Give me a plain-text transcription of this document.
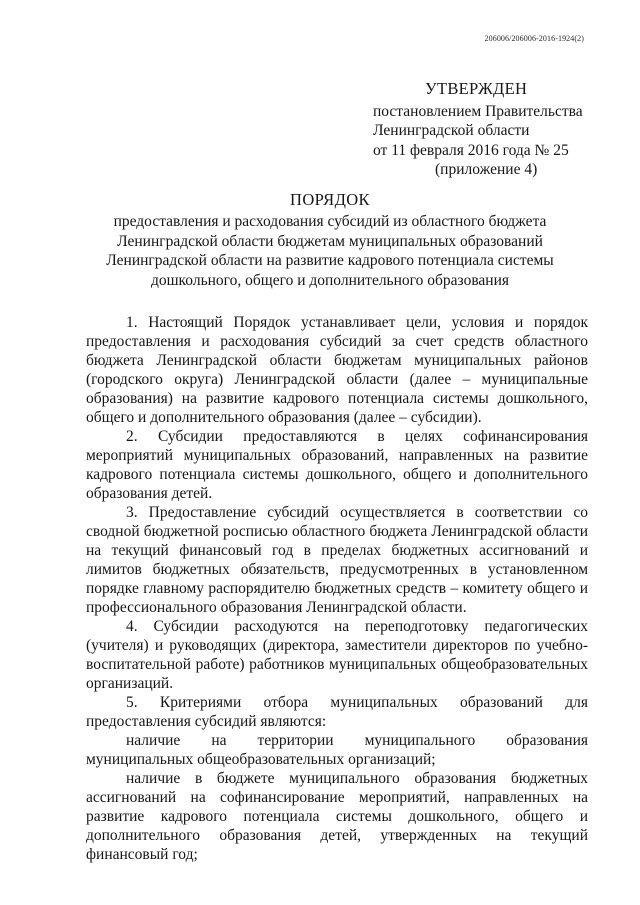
206006/206006-2016-1924(2)
УТВЕРЖДЕН
постановлением Правительства
Ленинградской области
от 11 февраля 2016 года № 25
(приложение 4)
ПОРЯДОК
предоставления и расходования субсидий из областного бюджета
Ленинградской области бюджетам муниципальных образований
Ленинградской области на развитие кадрового потенциала системы
дошкольного, общего и дополнительного образования

1. Настоящий Порядок устанавливает цели, условия и порядок предоставления и расходования субсидий за счет средств областного бюджета Ленинградской области бюджетам муниципальных районов (городского округа) Ленинградской области (далее – муниципальные образования) на развитие кадрового потенциала системы дошкольного, общего и дополнительного образования (далее – субсидии).

2. Субсидии предоставляются в целях софинансирования мероприятий муниципальных образований, направленных на развитие кадрового потенциала системы дошкольного, общего и дополнительного образования детей.

3. Предоставление субсидий осуществляется в соответствии со сводной бюджетной росписью областного бюджета Ленинградской области на текущий финансовый год в пределах бюджетных ассигнований и лимитов бюджетных обязательств, предусмотренных в установленном порядке главному распорядителю бюджетных средств – комитету общего и профессионального образования Ленинградской области.

4. Субсидии расходуются на переподготовку педагогических (учителя) и руководящих (директора, заместители директоров по учебно-воспитательной работе) работников муниципальных общеобразовательных организаций.

5. Критериями отбора муниципальных образований для предоставления субсидий являются:

наличие на территории муниципального образования муниципальных общеобразовательных организаций;

наличие в бюджете муниципального образования бюджетных ассигнований на софинансирование мероприятий, направленных на развитие кадрового потенциала системы дошкольного, общего и дополнительного образования детей, утвержденных на текущий финансовый год;
